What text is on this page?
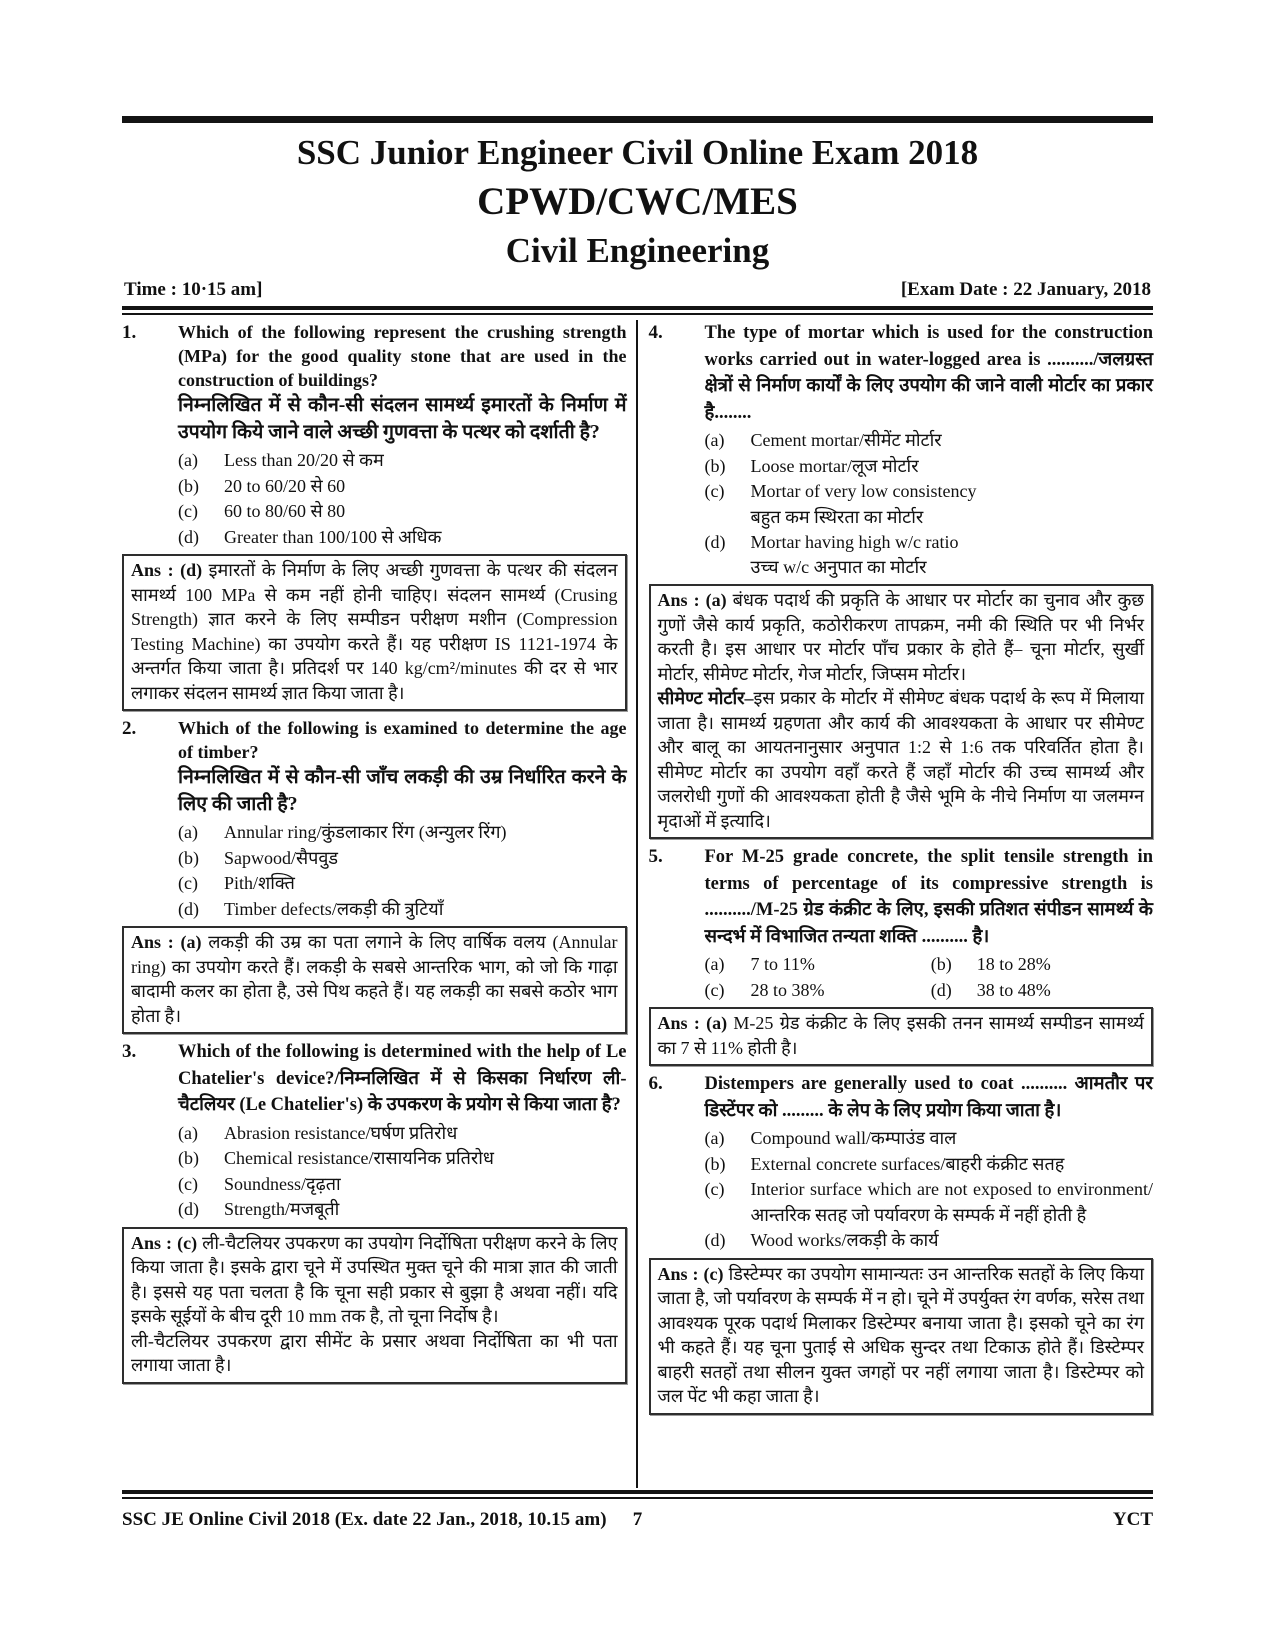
SSC Junior Engineer Civil Online Exam 2018
CPWD/CWC/MES
Civil Engineering
Time : 10·15 am]	[Exam Date : 22 January, 2018
1.	Which of the following represent the crushing strength (MPa) for the good quality stone that are used in the construction of buildings?

निम्नलिखित में से कौन-सी संदलन सामर्थ्य इमारतों के निर्माण में उपयोग किये जाने वाले अच्छी गुणवत्ता के पत्थर को दर्शाती है?

(a)	Less than 20/20 से कम
(b)	20 to 60/20 से 60
(c)	60 to 80/60 से 80
(d)	Greater than 100/100 से अधिक

Ans : (d) इमारतों के निर्माण के लिए अच्छी गुणवत्ता के पत्थर की संदलन सामर्थ्य 100 MPa से कम नहीं होनी चाहिए। संदलन सामर्थ्य (Crusing Strength) ज्ञात करने के लिए सम्पीडन परीक्षण मशीन (Compression Testing Machine) का उपयोग करते हैं। यह परीक्षण IS 1121-1974 के अन्तर्गत किया जाता है। प्रतिदर्श पर 140 kg/cm²/minutes की दर से भार लगाकर संदलन सामर्थ्य ज्ञात किया जाता है।

2.	Which of the following is examined to determine the age of timber?

निम्नलिखित में से कौन-सी जाँच लकड़ी की उम्र निर्धारित करने के लिए की जाती है?

(a)	Annular ring/कुंडलाकार रिंग (अन्युलर रिंग)
(b)	Sapwood/सैपवुड
(c)	Pith/शक्ति
(d)	Timber defects/लकड़ी की त्रुटियाँ

Ans : (a) लकड़ी की उम्र का पता लगाने के लिए वार्षिक वलय (Annular ring) का उपयोग करते हैं। लकड़ी के सबसे आन्तरिक भाग, को जो कि गाढ़ा बादामी कलर का होता है, उसे पिथ कहते हैं। यह लकड़ी का सबसे कठोर भाग होता है।

3.	Which of the following is determined with the help of Le Chatelier's device?/निम्नलिखित में से किसका निर्धारण ली-चैटलियर (Le Chatelier's) के उपकरण के प्रयोग से किया जाता है?

(a)	Abrasion resistance/घर्षण प्रतिरोध
(b)	Chemical resistance/रासायनिक प्रतिरोध
(c)	Soundness/दृढ़ता
(d)	Strength/मजबूती

Ans : (c) ली-चैटलियर उपकरण का उपयोग निर्दोषिता परीक्षण करने के लिए किया जाता है। इसके द्वारा चूने में उपस्थित मुक्त चूने की मात्रा ज्ञात की जाती है। इससे यह पता चलता है कि चूना सही प्रकार से बुझा है अथवा नहीं। यदि इसके सूईयों के बीच दूरी 10 mm तक है, तो चूना निर्दोष है।

ली-चैटलियर उपकरण द्वारा सीमेंट के प्रसार अथवा निर्दोषिता का भी पता लगाया जाता है।

4.	The type of mortar which is used for the construction works carried out in water-logged area is ........../जलग्रस्त क्षेत्रों से निर्माण कार्यों के लिए उपयोग की जाने वाली मोर्टार का प्रकार है........

(a)	Cement mortar/सीमेंट मोर्टार
(b)	Loose mortar/लूज मोर्टार
(c)	Mortar of very low consistency
बहुत कम स्थिरता का मोर्टार
(d)	Mortar having high w/c ratio
उच्च w/c अनुपात का मोर्टार

Ans : (a) बंधक पदार्थ की प्रकृति के आधार पर मोर्टार का चुनाव और कुछ गुणों जैसे कार्य प्रकृति, कठोरीकरण तापक्रम, नमी की स्थिति पर भी निर्भर करती है। इस आधार पर मोर्टार पाँच प्रकार के होते हैं– चूना मोर्टार, सुर्खी मोर्टार, सीमेण्ट मोर्टार, गेज मोर्टार, जिप्सम मोर्टार।

सीमेण्ट मोर्टार–इस प्रकार के मोर्टार में सीमेण्ट बंधक पदार्थ के रूप में मिलाया जाता है। सामर्थ्य ग्रहणता और कार्य की आवश्यकता के आधार पर सीमेण्ट और बालू का आयतनानुसार अनुपात 1:2 से 1:6 तक परिवर्तित होता है। सीमेण्ट मोर्टार का उपयोग वहाँ करते हैं जहाँ मोर्टार की उच्च सामर्थ्य और जलरोधी गुणों की आवश्यकता होती है जैसे भूमि के नीचे निर्माण या जलमग्न मृदाओं में इत्यादि।

5.	For M-25 grade concrete, the split tensile strength in terms of percentage of its compressive strength is ........../M-25 ग्रेड कंक्रीट के लिए, इसकी प्रतिशत संपीडन सामर्थ्य के सन्दर्भ में विभाजित तन्यता शक्ति .......... है।

(a)	7 to 11%	(b)	18 to 28%
(c)	28 to 38%	(d)	38 to 48%

Ans : (a) M-25 ग्रेड कंक्रीट के लिए इसकी तनन सामर्थ्य सम्पीडन सामर्थ्य का 7 से 11% होती है।

6.	Distempers are generally used to coat .......... आमतौर पर डिस्टेंपर को ......... के लेप के लिए प्रयोग किया जाता है।

(a)	Compound wall/कम्पाउंड वाल
(b)	External concrete surfaces/बाहरी कंक्रीट सतह
(c)	Interior surface which are not exposed to environment/आन्तरिक सतह जो पर्यावरण के सम्पर्क में नहीं होती है
(d)	Wood works/लकड़ी के कार्य

Ans : (c) डिस्टेम्पर का उपयोग सामान्यतः उन आन्तरिक सतहों के लिए किया जाता है, जो पर्यावरण के सम्पर्क में न हो। चूने में उपर्युक्त रंग वर्णक, सरेस तथा आवश्यक पूरक पदार्थ मिलाकर डिस्टेम्पर बनाया जाता है। इसको चूने का रंग भी कहते हैं। यह चूना पुताई से अधिक सुन्दर तथा टिकाऊ होते हैं। डिस्टेम्पर बाहरी सतहों तथा सीलन युक्त जगहों पर नहीं लगाया जाता है। डिस्टेम्पर को जल पेंट भी कहा जाता है।

SSC JE Online Civil 2018 (Ex. date 22 Jan., 2018, 10.15 am)	7	YCT
